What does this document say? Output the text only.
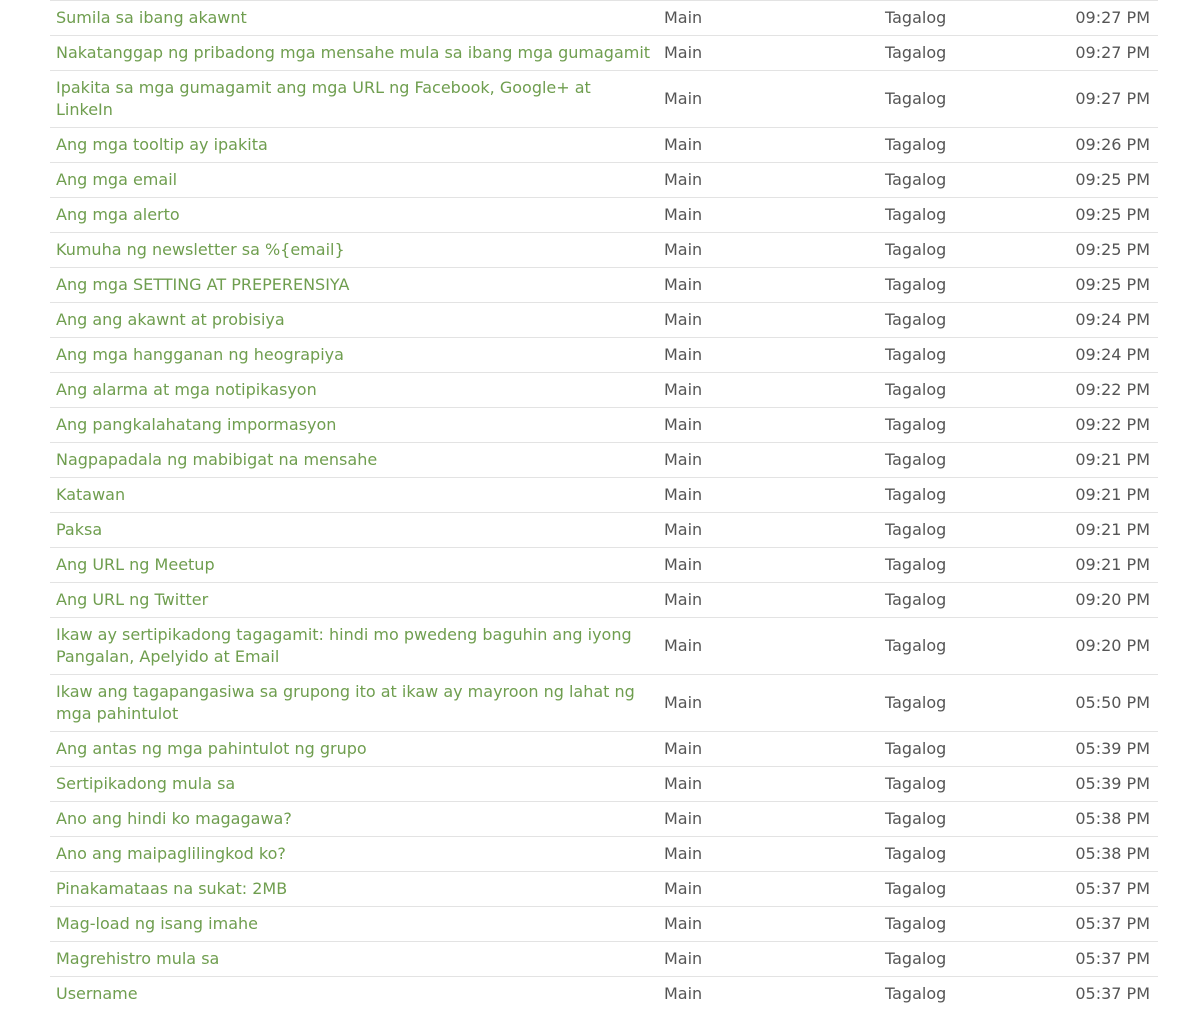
Sumila sa ibang akawnt	Main	Tagalog	09:27 PM
Nakatanggap ng pribadong mga mensahe mula sa ibang mga gumagamit	Main	Tagalog	09:27 PM
Ipakita sa mga gumagamit ang mga URL ng Facebook, Google+ at LinkeIn	Main	Tagalog	09:27 PM
Ang mga tooltip ay ipakita	Main	Tagalog	09:26 PM
Ang mga email	Main	Tagalog	09:25 PM
Ang mga alerto	Main	Tagalog	09:25 PM
Kumuha ng newsletter sa %{email}	Main	Tagalog	09:25 PM
Ang mga SETTING AT PREPERENSIYA	Main	Tagalog	09:25 PM
Ang ang akawnt at probisiya	Main	Tagalog	09:24 PM
Ang mga hangganan ng heograpiya	Main	Tagalog	09:24 PM
Ang alarma at mga notipikasyon	Main	Tagalog	09:22 PM
Ang pangkalahatang impormasyon	Main	Tagalog	09:22 PM
Nagpapadala ng mabibigat na mensahe	Main	Tagalog	09:21 PM
Katawan	Main	Tagalog	09:21 PM
Paksa	Main	Tagalog	09:21 PM
Ang URL ng Meetup	Main	Tagalog	09:21 PM
Ang URL ng Twitter	Main	Tagalog	09:20 PM
Ikaw ay sertipikadong tagagamit: hindi mo pwedeng baguhin ang iyong Pangalan, Apelyido at Email	Main	Tagalog	09:20 PM
Ikaw ang tagapangasiwa sa grupong ito at ikaw ay mayroon ng lahat ng mga pahintulot	Main	Tagalog	05:50 PM
Ang antas ng mga pahintulot ng grupo	Main	Tagalog	05:39 PM
Sertipikadong mula sa	Main	Tagalog	05:39 PM
Ano ang hindi ko magagawa?	Main	Tagalog	05:38 PM
Ano ang maipaglilingkod ko?	Main	Tagalog	05:38 PM
Pinakamataas na sukat: 2MB	Main	Tagalog	05:37 PM
Mag-load ng isang imahe	Main	Tagalog	05:37 PM
Magrehistro mula sa	Main	Tagalog	05:37 PM
Username	Main	Tagalog	05:37 PM
